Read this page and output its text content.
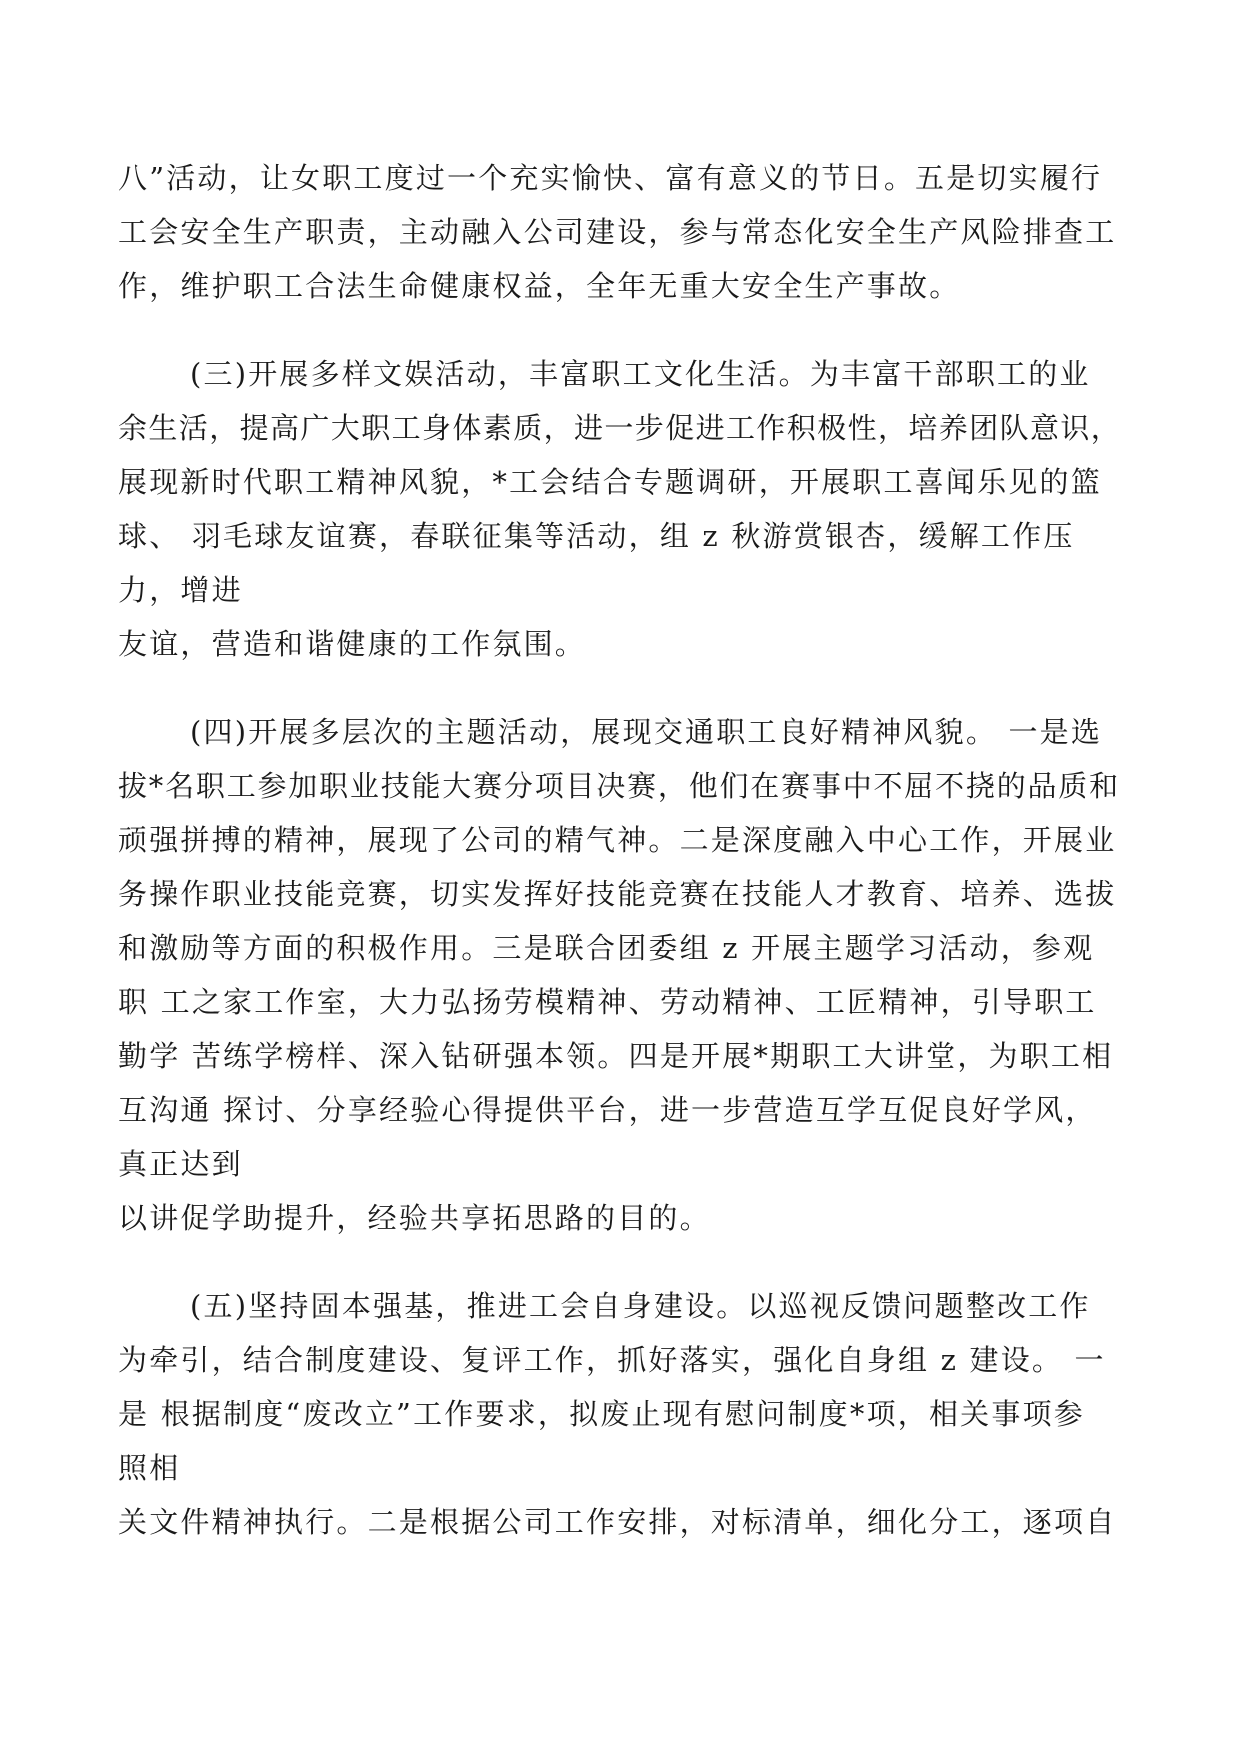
八”活动，让女职工度过一个充实愉快、富有意义的节日。五是切实履行

工会安全生产职责，主动融入公司建设，参与常态化安全生产风险排查工

作，维护职工合法生命健康权益，全年无重大安全生产事故。

(三)开展多样文娱活动，丰富职工文化生活。为丰富干部职工的业

余生活，提高广大职工身体素质，进一步促进工作积极性，培养团队意识，

展现新时代职工精神风貌，*工会结合专题调研，开展职工喜闻乐见的篮

球、 羽毛球友谊赛，春联征集等活动，组 z 秋游赏银杏，缓解工作压

力，增进

友谊，营造和谐健康的工作氛围。

(四)开展多层次的主题活动，展现交通职工良好精神风貌。 一是选

拔*名职工参加职业技能大赛分项目决赛，他们在赛事中不屈不挠的品质和

顽强拼搏的精神，展现了公司的精气神。二是深度融入中心工作，开展业

务操作职业技能竞赛，切实发挥好技能竞赛在技能人才教育、培养、选拔

和激励等方面的积极作用。三是联合团委组 z 开展主题学习活动，参观

职 工之家工作室，大力弘扬劳模精神、劳动精神、工匠精神，引导职工

勤学 苦练学榜样、深入钻研强本领。四是开展*期职工大讲堂，为职工相

互沟通 探讨、分享经验心得提供平台，进一步营造互学互促良好学风，

真正达到

以讲促学助提升，经验共享拓思路的目的。

(五)坚持固本强基，推进工会自身建设。以巡视反馈问题整改工作

为牵引，结合制度建设、复评工作，抓好落实，强化自身组 z 建设。 一

是 根据制度“废改立”工作要求，拟废止现有慰问制度*项，相关事项参

照相

关文件精神执行。二是根据公司工作安排，对标清单，细化分工，逐项自
